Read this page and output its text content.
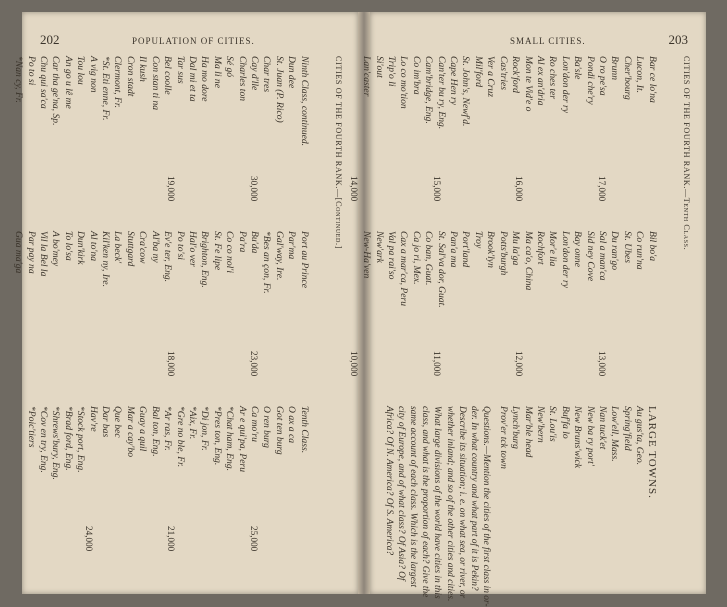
202	POPULATION OF CITIES.
CITIES OF THE FOURTH RANK.—[Continued.]
Ninth Class, continued.
Dun dee
St. Juan (P. Rico)
Char tres
Cay d'lle
Charles ton
Sé gó
Ma li ne
Ha mo dore
Dal mi et ta
Tar sus
Bel coolle
Con stan ti na
Il kush
Cron stadt
Clermont, Fr.
*St. Eti enne, Fr.
A vig non
Tou lou
An go u lê me
Car tha ge'na, Sp.
Chu qui sa'ca
Po to si
*Nan cy, Fr.
30,000
19,000
Port au Prince
Par'ma
Gal'way, Ire.
*Bes an çon, Fr.
Bu'da
Pa'ra
Co co nol'i
St. Fe lipe
Brighton, Eng.
Hal'o ver
Po to'si
Ev'e ter, Eng.
Al'ba ny
Cra'cow
Stuttgard
La beck'
Kil'ken ny, Ire.
Al to'na
Dun'kirk
To lo'sa
A bo'mey
Vil la Bel la
Par pay na
Gua ma'ga
23,000
18,000
Tenth Class.
O ax a ca
Got ten burg
O ren burg
Ca mo'ru
Ar e qui'pa, Peru
*Chat ham, Eng.
*Pres ton, Eng.
*Di jon, Fr.
*Aix, Fr.
*Gre no ble, Fr.
*Ar ras, Fr.
Bal ton, Eng.
Guay a quil
Mar a cay'bo
Que bec
Dar bas
Hav're
*Stock port, Eng.
*Brad ford, Eng.
*Shrews'bury, Eng.
*Cov en try, Eng.
*Poic'tiers
25,000
21,000
24,000
SMALL CITIES.	203
CITIES OF THE FOURTH RANK.—Tenth Class.
Bar ce lo'na
Lucon, It.
Cher'bourg
Brunn
O ro pe'sa
Pondi che'ry
Ba'sle
Lon'don der ry
Ro ches ter
Al ex an'dria
Mon te Vid'e o
Rock'ford
Cas'tries
Ver a Cruz
Mil'ford
St. John's, Newf'd.
Cape Hen ry
Can'ter bu ry, Eng.
Cam'bridge, Eng.
Co im'bra
Lo co mo'tion
Trip'o li
Si'out
Lan'caster
17,000
16,000
15,000
14,000
Bil bo'a
Co run'na
St. Ubes
Du ran'go
Sal a man'ca
Sid ney Cove
Bay onne
Lon'don der ry
Mor'e lia
Rochfort
Ma ca'o, China
Mu la'ga
Potts'burgh
Brook'lyn
Troy
Port'land
Pan'a ma
St. Sal'va dor, Guat.
Co ban, Guat.
Ca jo ri, Mex.
Cax a mar'ca, Peru
Val pa rai'so
New'ark
New-Ha'ven
13,000
12,000
11,000
10,000
LARGE TOWNS.
Au gus'ta, Geo.
Spring'field
Low'ell, Mass.
Nan tuck'et
New ba ry port'
New Bruns'wick
Buf'fa lo
St. Lou'is
New'bern
Mar'ble head
Lynch'burg
Prov'er tck town
Questions.—Mention the cities of the first class in or-
der. In what country and what part of it is Pekin?
Describe its situation; i. e. on what sea, or river, or
whether inland; and so of the other cities and cities.
What large divisions of the world have cities in this
class, and what is the proportion of each? Give the
same account of each class. Which is the largest
city of Europe, and of what class? Of Asia? Of
Africa? Of N. America? Of S. America?
